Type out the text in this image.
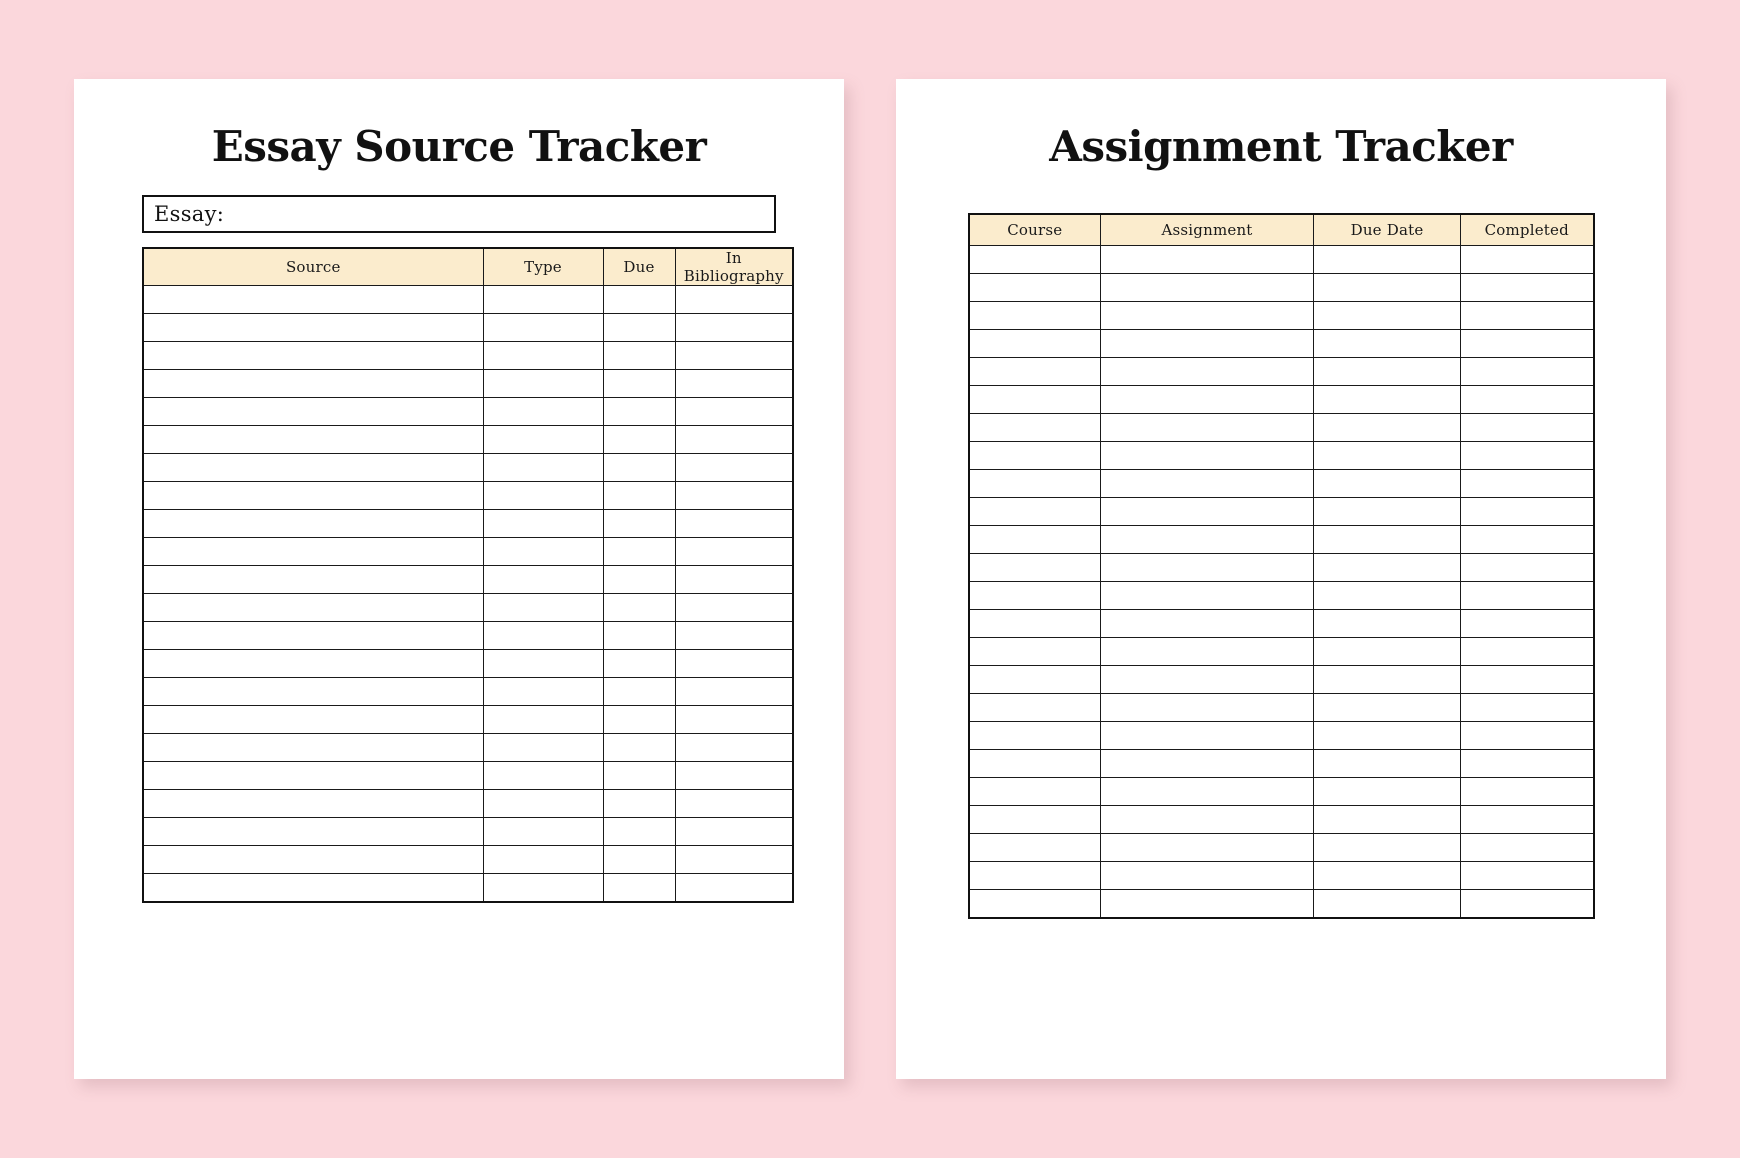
Essay Source Tracker
Essay:
Source	Type	Due	In Bibliography

Assignment Tracker
Course	Assignment	Due Date	Completed
